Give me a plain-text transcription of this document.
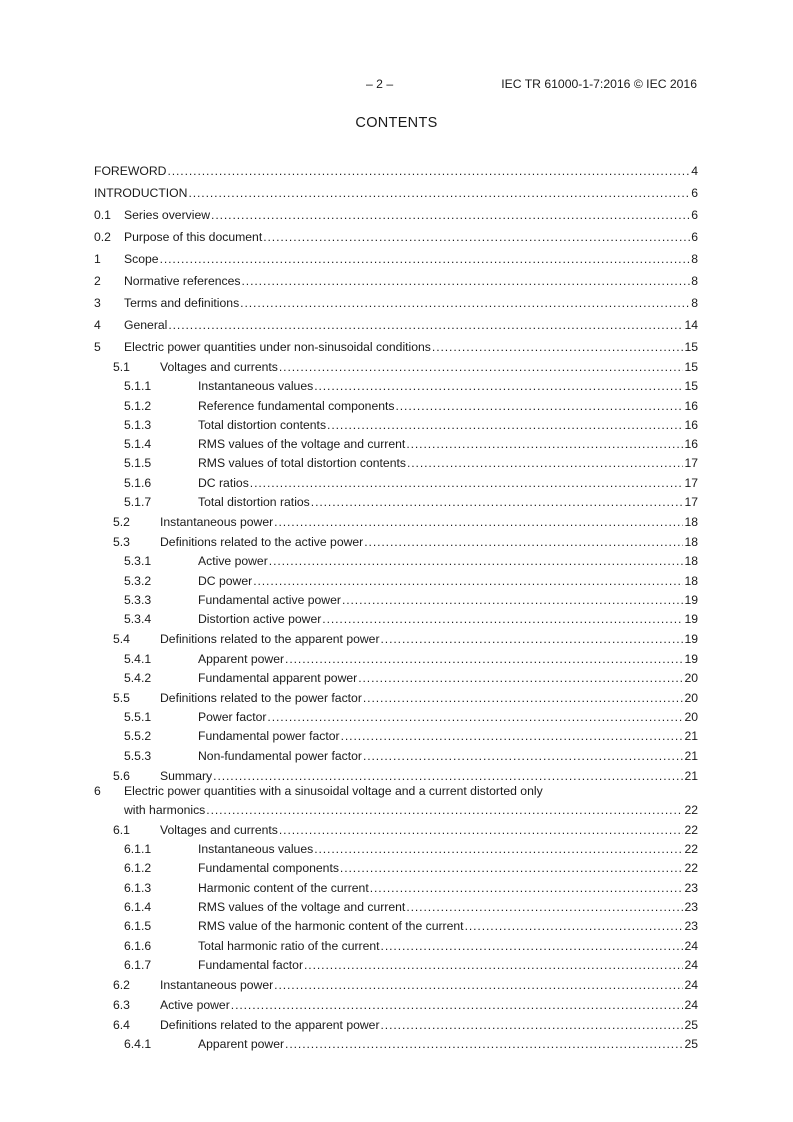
– 2 –	IEC TR 61000-1-7:2016 © IEC 2016
CONTENTS
FOREWORD .....	4
INTRODUCTION .....	6
0.1	Series overview .....	6
0.2	Purpose of this document .....	6
1	Scope .....	8
2	Normative references .....	8
3	Terms and definitions .....	8
4	General .....	14
5	Electric power quantities under non-sinusoidal conditions .....	15
5.1	Voltages and currents .....	15
5.1.1	Instantaneous values .....	15
5.1.2	Reference fundamental components .....	16
5.1.3	Total distortion contents .....	16
5.1.4	RMS values of the voltage and current .....	16
5.1.5	RMS values of total distortion contents .....	17
5.1.6	DC ratios .....	17
5.1.7	Total distortion ratios .....	17
5.2	Instantaneous power .....	18
5.3	Definitions related to the active power .....	18
5.3.1	Active power .....	18
5.3.2	DC power .....	18
5.3.3	Fundamental active power .....	19
5.3.4	Distortion active power .....	19
5.4	Definitions related to the apparent power .....	19
5.4.1	Apparent power .....	19
5.4.2	Fundamental apparent power .....	20
5.5	Definitions related to the power factor .....	20
5.5.1	Power factor .....	20
5.5.2	Fundamental power factor .....	21
5.5.3	Non-fundamental power factor .....	21
5.6	Summary .....	21
6	Electric power quantities with a sinusoidal voltage and a current distorted only
with harmonics .....	22
6.1	Voltages and currents .....	22
6.1.1	Instantaneous values .....	22
6.1.2	Fundamental components .....	22
6.1.3	Harmonic content of the current .....	23
6.1.4	RMS values of the voltage and current .....	23
6.1.5	RMS value of the harmonic content of the current .....	23
6.1.6	Total harmonic ratio of the current .....	24
6.1.7	Fundamental factor .....	24
6.2	Instantaneous power .....	24
6.3	Active power .....	24
6.4	Definitions related to the apparent power .....	25
6.4.1	Apparent power .....	25
